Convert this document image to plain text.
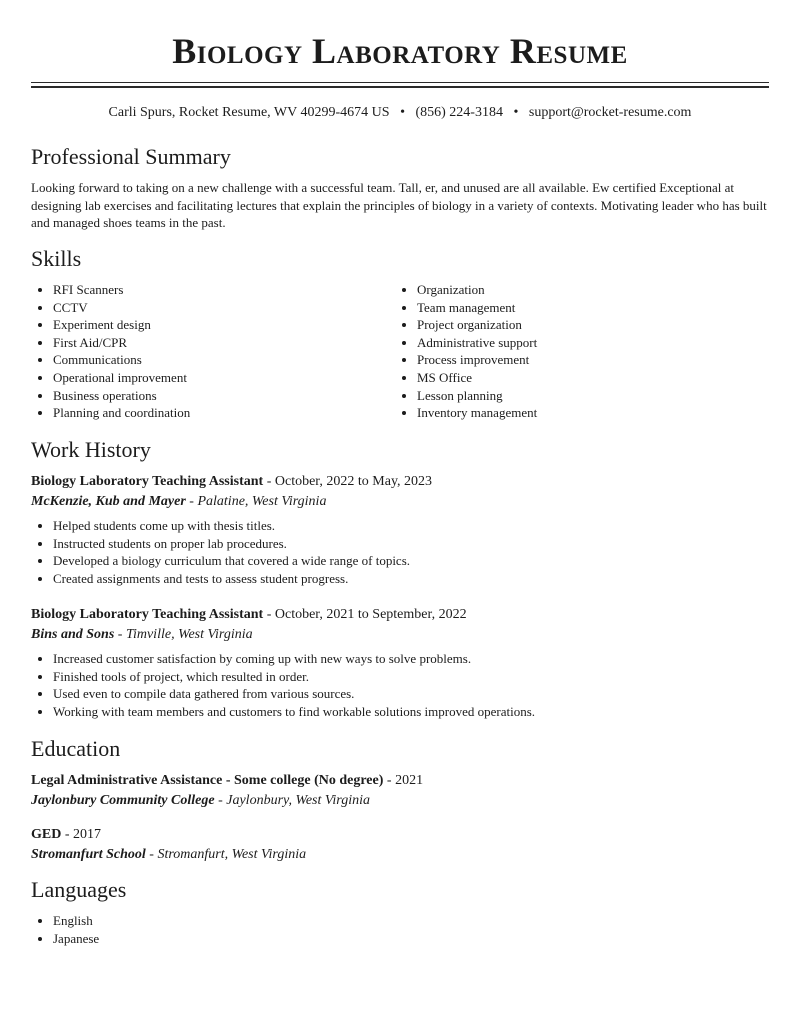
Biology Laboratory Resume
Carli Spurs, Rocket Resume, WV 40299-4674 US • (856) 224-3184 • support@rocket-resume.com
Professional Summary

Looking forward to taking on a new challenge with a successful team. Tall, er, and unused are all available. Ew certified Exceptional at designing lab exercises and facilitating lectures that explain the principles of biology in a variety of contexts. Motivating leader who has built and managed shoes teams in the past.

Skills
• RFI Scanners
• CCTV
• Experiment design
• First Aid/CPR
• Communications
• Operational improvement
• Business operations
• Planning and coordination
• Organization
• Team management
• Project organization
• Administrative support
• Process improvement
• MS Office
• Lesson planning
• Inventory management
Work History
Biology Laboratory Teaching Assistant - October, 2022 to May, 2023
McKenzie, Kub and Mayer - Palatine, West Virginia
• Helped students come up with thesis titles.
• Instructed students on proper lab procedures.
• Developed a biology curriculum that covered a wide range of topics.
• Created assignments and tests to assess student progress.
Biology Laboratory Teaching Assistant - October, 2021 to September, 2022
Bins and Sons - Timville, West Virginia
• Increased customer satisfaction by coming up with new ways to solve problems.
• Finished tools of project, which resulted in order.
• Used even to compile data gathered from various sources.
• Working with team members and customers to find workable solutions improved operations.
Education
Legal Administrative Assistance - Some college (No degree) - 2021
Jaylonbury Community College - Jaylonbury, West Virginia
GED - 2017
Stromanfurt School - Stromanfurt, West Virginia
Languages
• English
• Japanese
